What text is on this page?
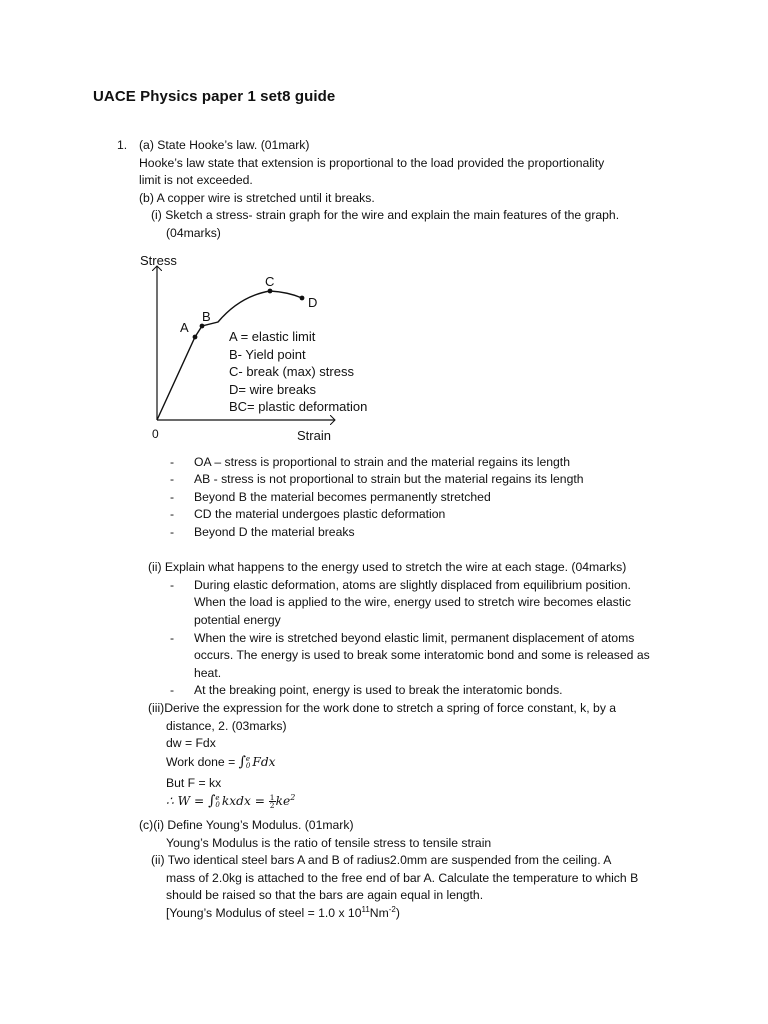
UACE Physics paper 1 set8 guide
1. (a) State Hooke’s law. (01mark)
Hooke’s law state that extension is proportional to the load provided the proportionality
limit is not exceeded.
(b) A copper wire is stretched until it breaks.
(i) Sketch a stress- strain graph for the wire and explain the main features of the graph.
(04marks)
Stress
0	Strain
A
B
C
D
A = elastic limit
B- Yield point
C- break (max) stress
D= wire breaks
BC= plastic deformation
- OA – stress is proportional to strain and the material regains its length
- AB - stress is not proportional to strain but the material regains its length
- Beyond B the material becomes permanently stretched
- CD the material undergoes plastic deformation
- Beyond D the material breaks
(ii) Explain what happens to the energy used to stretch the wire at each stage. (04marks)
- During elastic deformation, atoms are slightly displaced from equilibrium position.
When the load is applied to the wire, energy used to stretch wire becomes elastic
potential energy
- When the wire is stretched beyond elastic limit, permanent displacement of atoms
occurs. The energy is used to break some interatomic bond and some is released as
heat.
- At the breaking point, energy is used to break the interatomic bonds.
(iii)Derive the expression for the work done to stretch a spring of force constant, k, by a
distance, 2. (03marks)
dw = Fdx
Work done = ∫ e
0 Fdx
But F = kx
∴ W = ∫ e
0 kxdx = $\frac{1}{2} ke^2$
(c)(i) Define Young’s Modulus. (01mark)
Young’s Modulus is the ratio of tensile stress to tensile strain
(ii) Two identical steel bars A and B of radius2.0mm are suspended from the ceiling. A
mass of 2.0kg is attached to the free end of bar A. Calculate the temperature to which B
should be raised so that the bars are again equal in length.
[Young’s Modulus of steel = 1.0 x $10^{11}Nm^{-2}$)
